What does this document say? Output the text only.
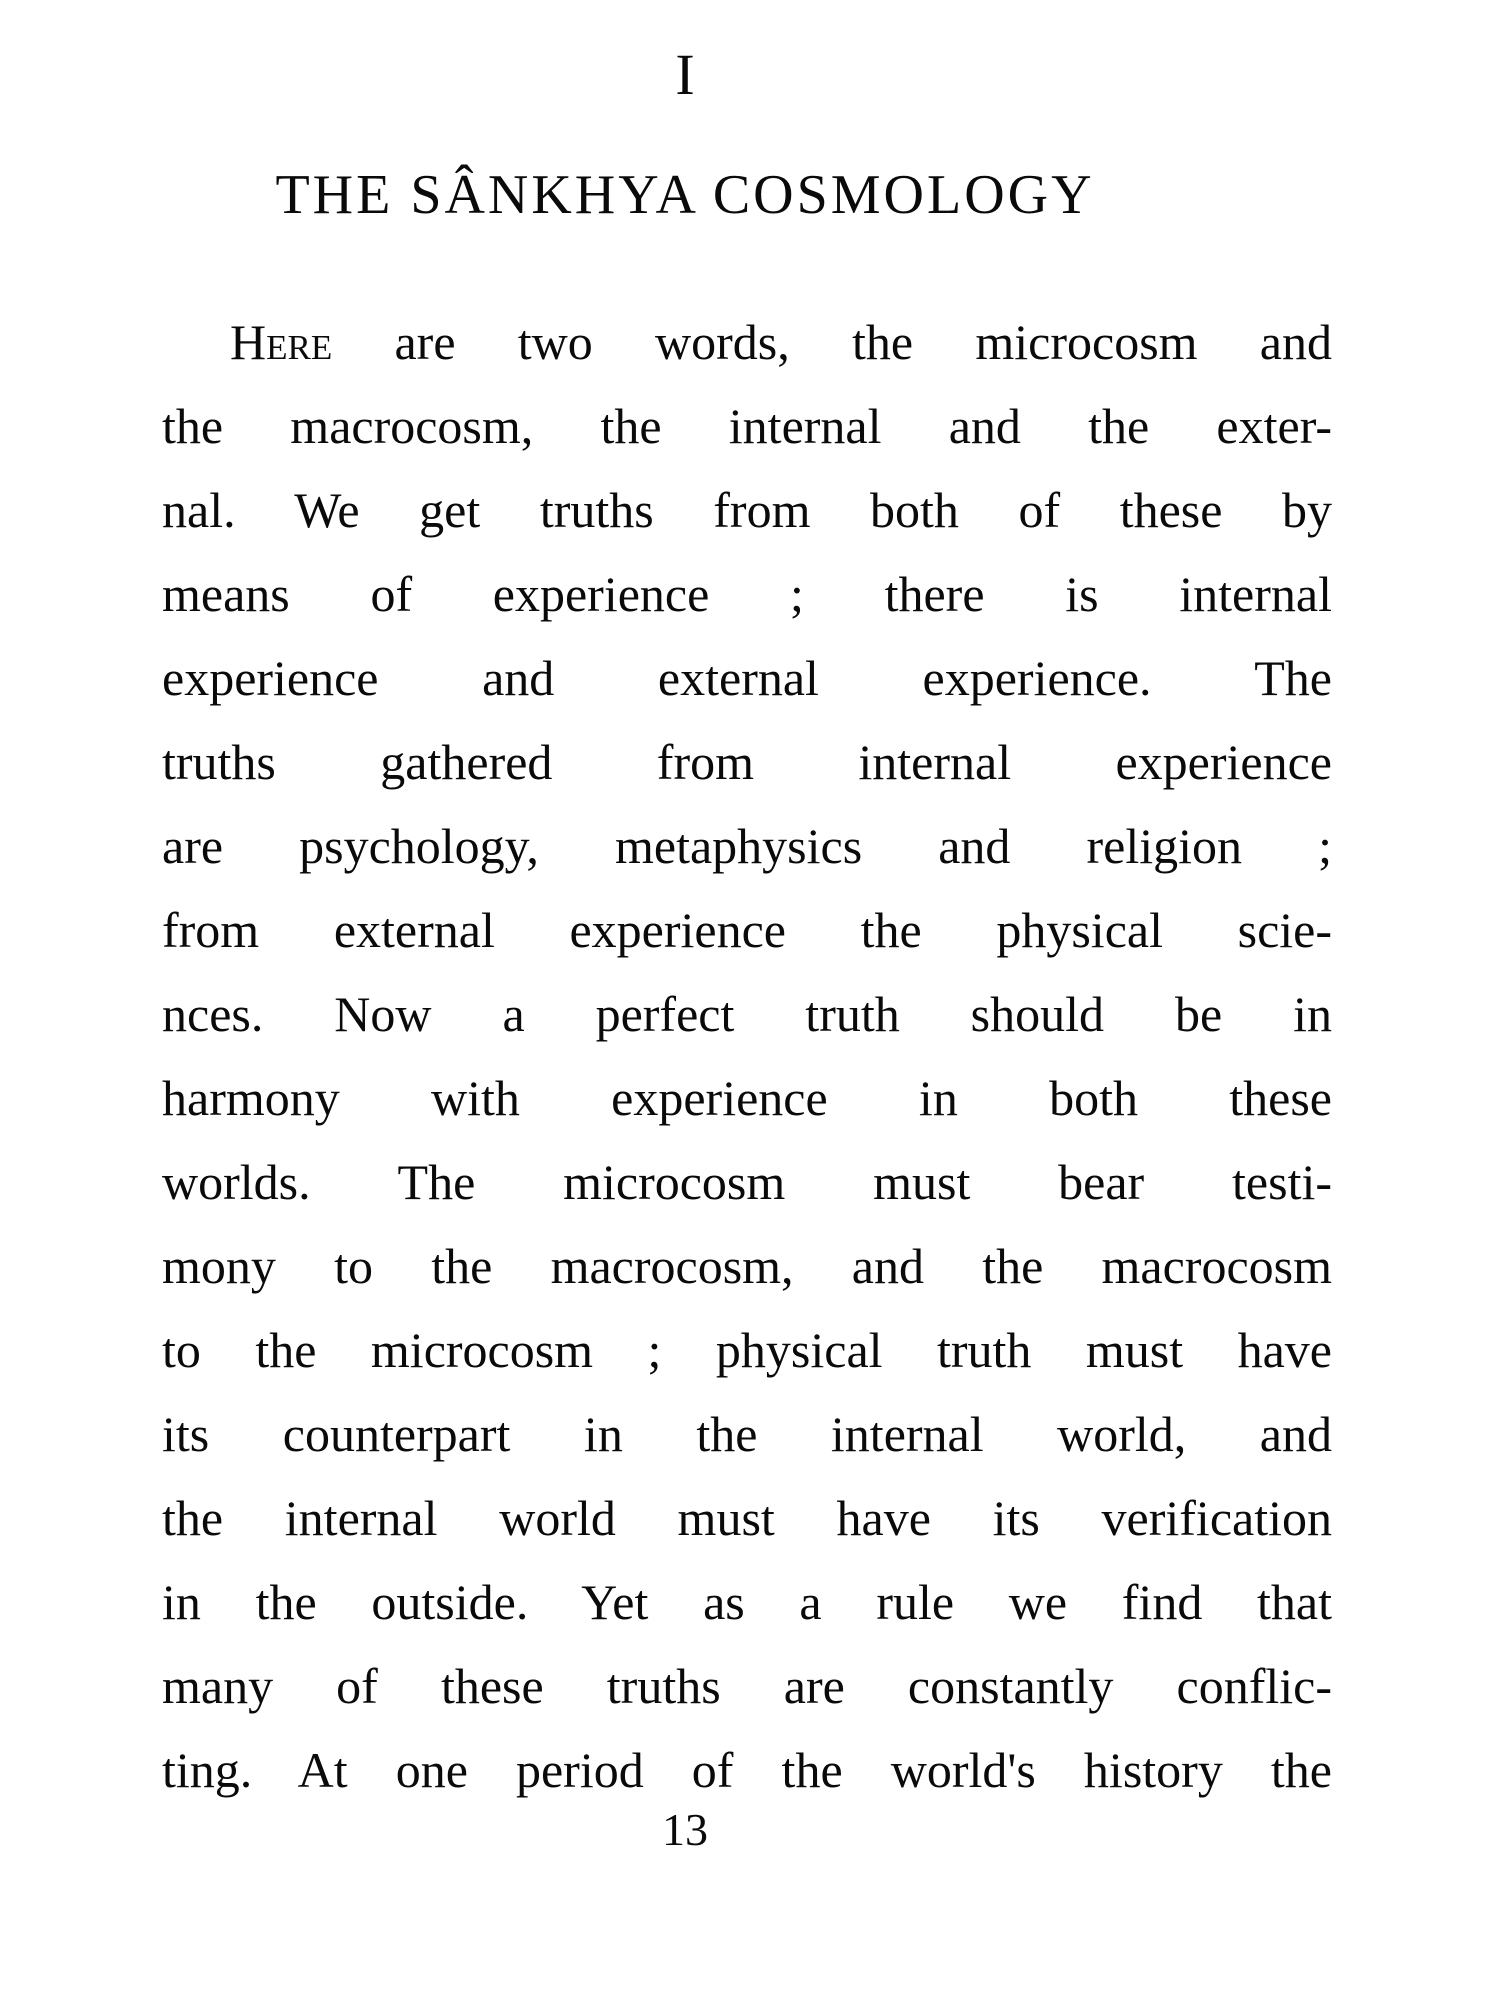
I
THE SÂNKHYA COSMOLOGY
Here are two words, the microcosm and
the macrocosm, the internal and the exter-
nal. We get truths from both of these by
means of experience ; there is internal
experience and external experience. The
truths gathered from internal experience
are psychology, metaphysics and religion ;
from external experience the physical scie-
nces. Now a perfect truth should be in
harmony with experience in both these
worlds. The microcosm must bear testi-
mony to the macrocosm, and the macrocosm
to the microcosm ; physical truth must have
its counterpart in the internal world, and
the internal world must have its verification
in the outside. Yet as a rule we find that
many of these truths are constantly conflic-
ting. At one period of the world's history the
13
